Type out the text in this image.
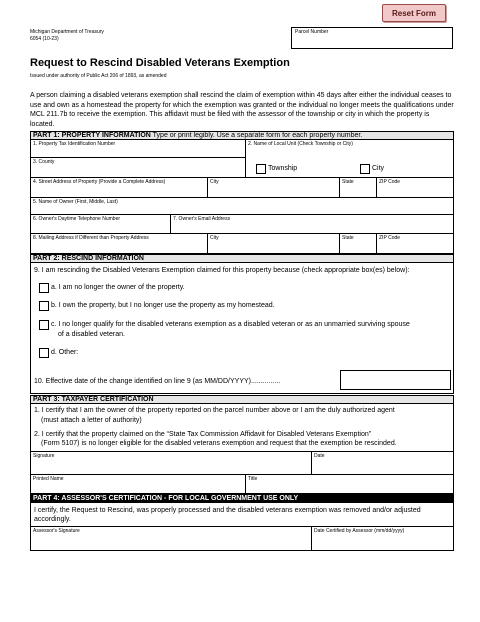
Reset Form
Michigan Department of Treasury
6054 (10-23)
Parcel Number
Request to Rescind Disabled Veterans Exemption
Issued under authority of Public Act 206 of 1893, as amended
A person claiming a disabled veterans exemption shall rescind the claim of exemption within 45 days after either the individual ceases to use and own as a homestead the property for which the exemption was granted or the individual no longer meets the qualifications under MCL 211.7b to receive the exemption. This affidavit must be filed with the assessor of the township or city in which the property is located.
PART 1: PROPERTY INFORMATION Type or print legibly. Use a separate form for each property number.
1. Property Tax Identification Number	2. Name of Local Unit (Check Township or City)
Township	City
3. County
4. Street Address of Property (Provide a Complete Address)	City	State	ZIP Code
5. Name of Owner (First, Middle, Last)
6. Owner's Daytime Telephone Number	7. Owner's Email Address
8. Mailing Address if Different than Property Address	City	State	ZIP Code
PART 2: RESCIND INFORMATION
9. I am rescinding the Disabled Veterans Exemption claimed for this property because (check appropriate box(es) below):
a. I am no longer the owner of the property.
b. I own the property, but I no longer use the property as my homestead.
c. I no longer qualify for the disabled veterans exemption as a disabled veteran or as an unmarried surviving spouse
of a disabled veteran.
d. Other:
10. Effective date of the change identified on line 9 (as MM/DD/YYYY)...............
PART 3: TAXPAYER CERTIFICATION
1. I certify that I am the owner of the property reported on the parcel number above or I am the duly authorized agent
(must attach a letter of authority)
2. I certify that the property claimed on the “State Tax Commission Affidavit for Disabled Veterans Exemption”
(Form 5107) is no longer eligible for the disabled veterans exemption and request that the exemption be rescinded.
Signature	Date
Printed Name	Title
PART 4: ASSESSOR'S CERTIFICATION - FOR LOCAL GOVERNMENT USE ONLY
I certify, the Request to Rescind, was properly processed and the disabled veterans exemption was removed and/or adjusted accordingly.
Assessor's Signature	Date Certified by Assessor (mm/dd/yyyy)
